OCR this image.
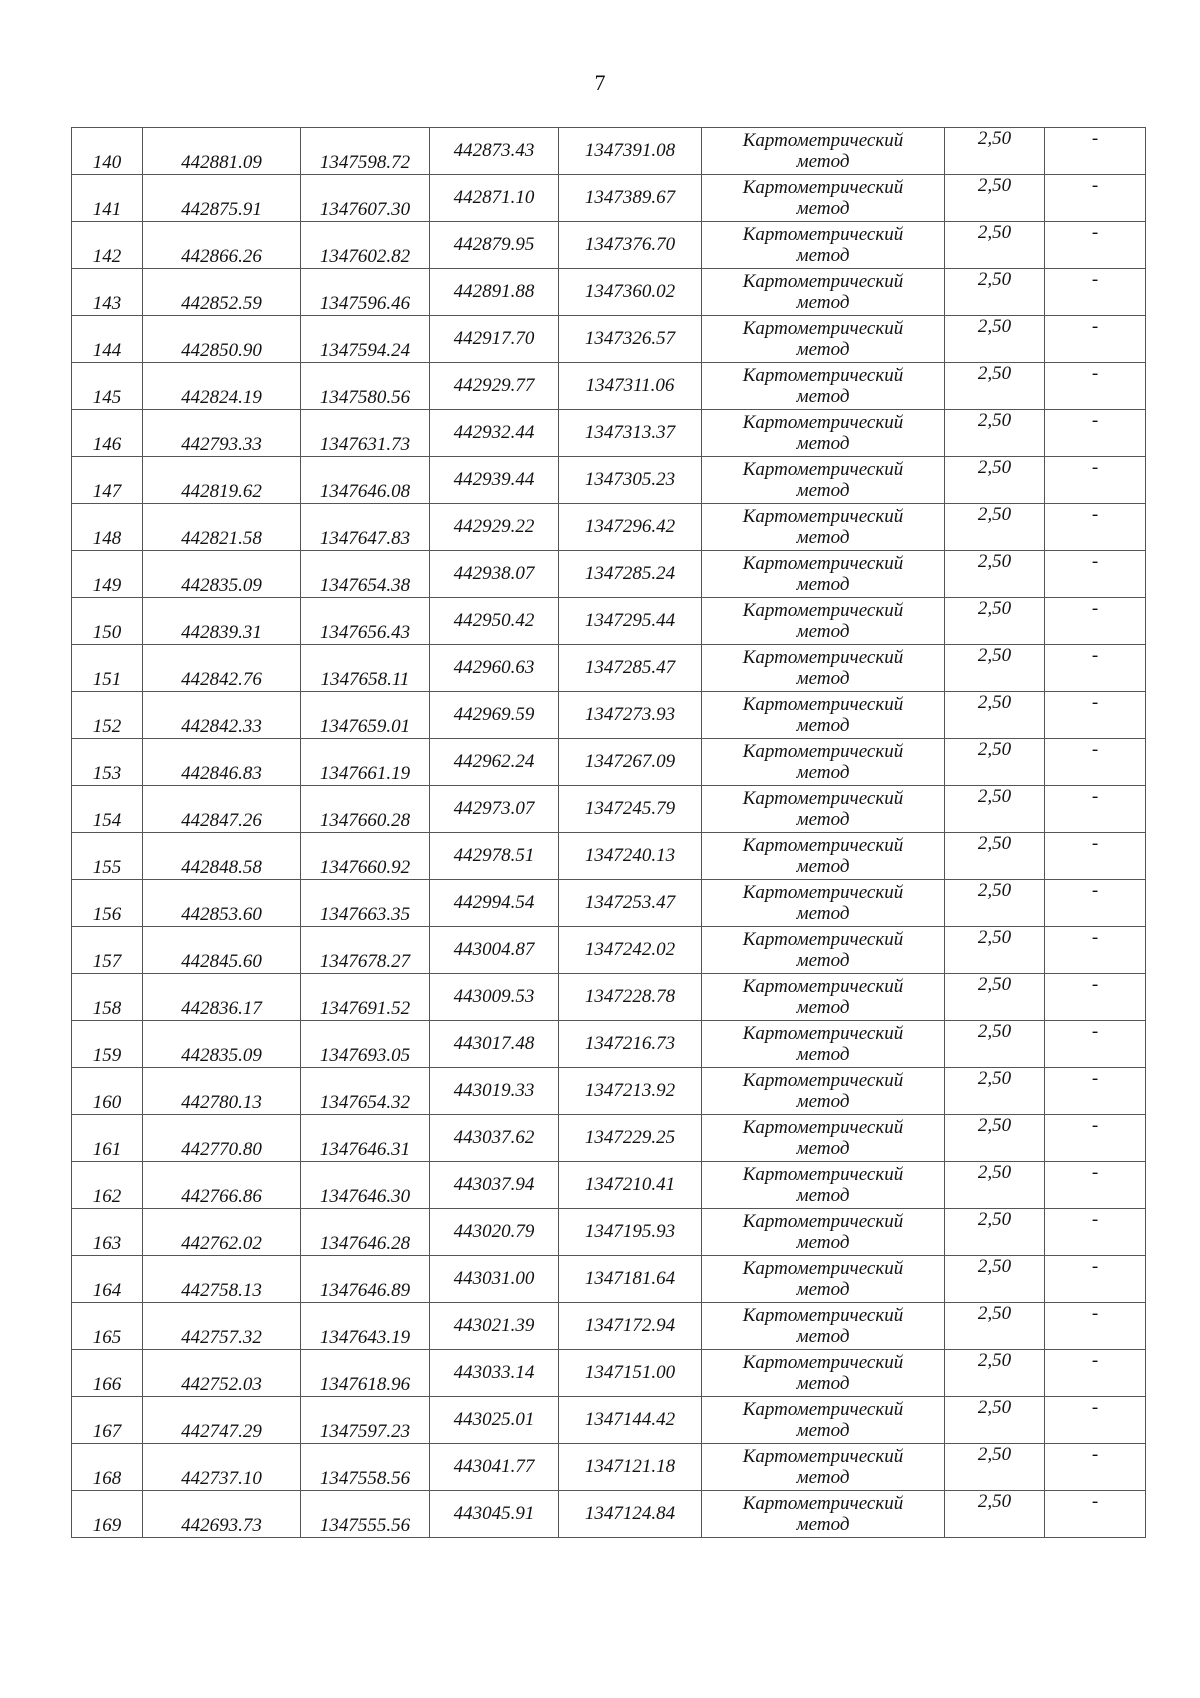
7
140	442881.09	1347598.72	442873.43	1347391.08	Картометрический
метод	2,50	-
141	442875.91	1347607.30	442871.10	1347389.67	Картометрический
метод	2,50	-
142	442866.26	1347602.82	442879.95	1347376.70	Картометрический
метод	2,50	-
143	442852.59	1347596.46	442891.88	1347360.02	Картометрический
метод	2,50	-
144	442850.90	1347594.24	442917.70	1347326.57	Картометрический
метод	2,50	-
145	442824.19	1347580.56	442929.77	1347311.06	Картометрический
метод	2,50	-
146	442793.33	1347631.73	442932.44	1347313.37	Картометрический
метод	2,50	-
147	442819.62	1347646.08	442939.44	1347305.23	Картометрический
метод	2,50	-
148	442821.58	1347647.83	442929.22	1347296.42	Картометрический
метод	2,50	-
149	442835.09	1347654.38	442938.07	1347285.24	Картометрический
метод	2,50	-
150	442839.31	1347656.43	442950.42	1347295.44	Картометрический
метод	2,50	-
151	442842.76	1347658.11	442960.63	1347285.47	Картометрический
метод	2,50	-
152	442842.33	1347659.01	442969.59	1347273.93	Картометрический
метод	2,50	-
153	442846.83	1347661.19	442962.24	1347267.09	Картометрический
метод	2,50	-
154	442847.26	1347660.28	442973.07	1347245.79	Картометрический
метод	2,50	-
155	442848.58	1347660.92	442978.51	1347240.13	Картометрический
метод	2,50	-
156	442853.60	1347663.35	442994.54	1347253.47	Картометрический
метод	2,50	-
157	442845.60	1347678.27	443004.87	1347242.02	Картометрический
метод	2,50	-
158	442836.17	1347691.52	443009.53	1347228.78	Картометрический
метод	2,50	-
159	442835.09	1347693.05	443017.48	1347216.73	Картометрический
метод	2,50	-
160	442780.13	1347654.32	443019.33	1347213.92	Картометрический
метод	2,50	-
161	442770.80	1347646.31	443037.62	1347229.25	Картометрический
метод	2,50	-
162	442766.86	1347646.30	443037.94	1347210.41	Картометрический
метод	2,50	-
163	442762.02	1347646.28	443020.79	1347195.93	Картометрический
метод	2,50	-
164	442758.13	1347646.89	443031.00	1347181.64	Картометрический
метод	2,50	-
165	442757.32	1347643.19	443021.39	1347172.94	Картометрический
метод	2,50	-
166	442752.03	1347618.96	443033.14	1347151.00	Картометрический
метод	2,50	-
167	442747.29	1347597.23	443025.01	1347144.42	Картометрический
метод	2,50	-
168	442737.10	1347558.56	443041.77	1347121.18	Картометрический
метод	2,50	-
169	442693.73	1347555.56	443045.91	1347124.84	Картометрический
метод	2,50	-
